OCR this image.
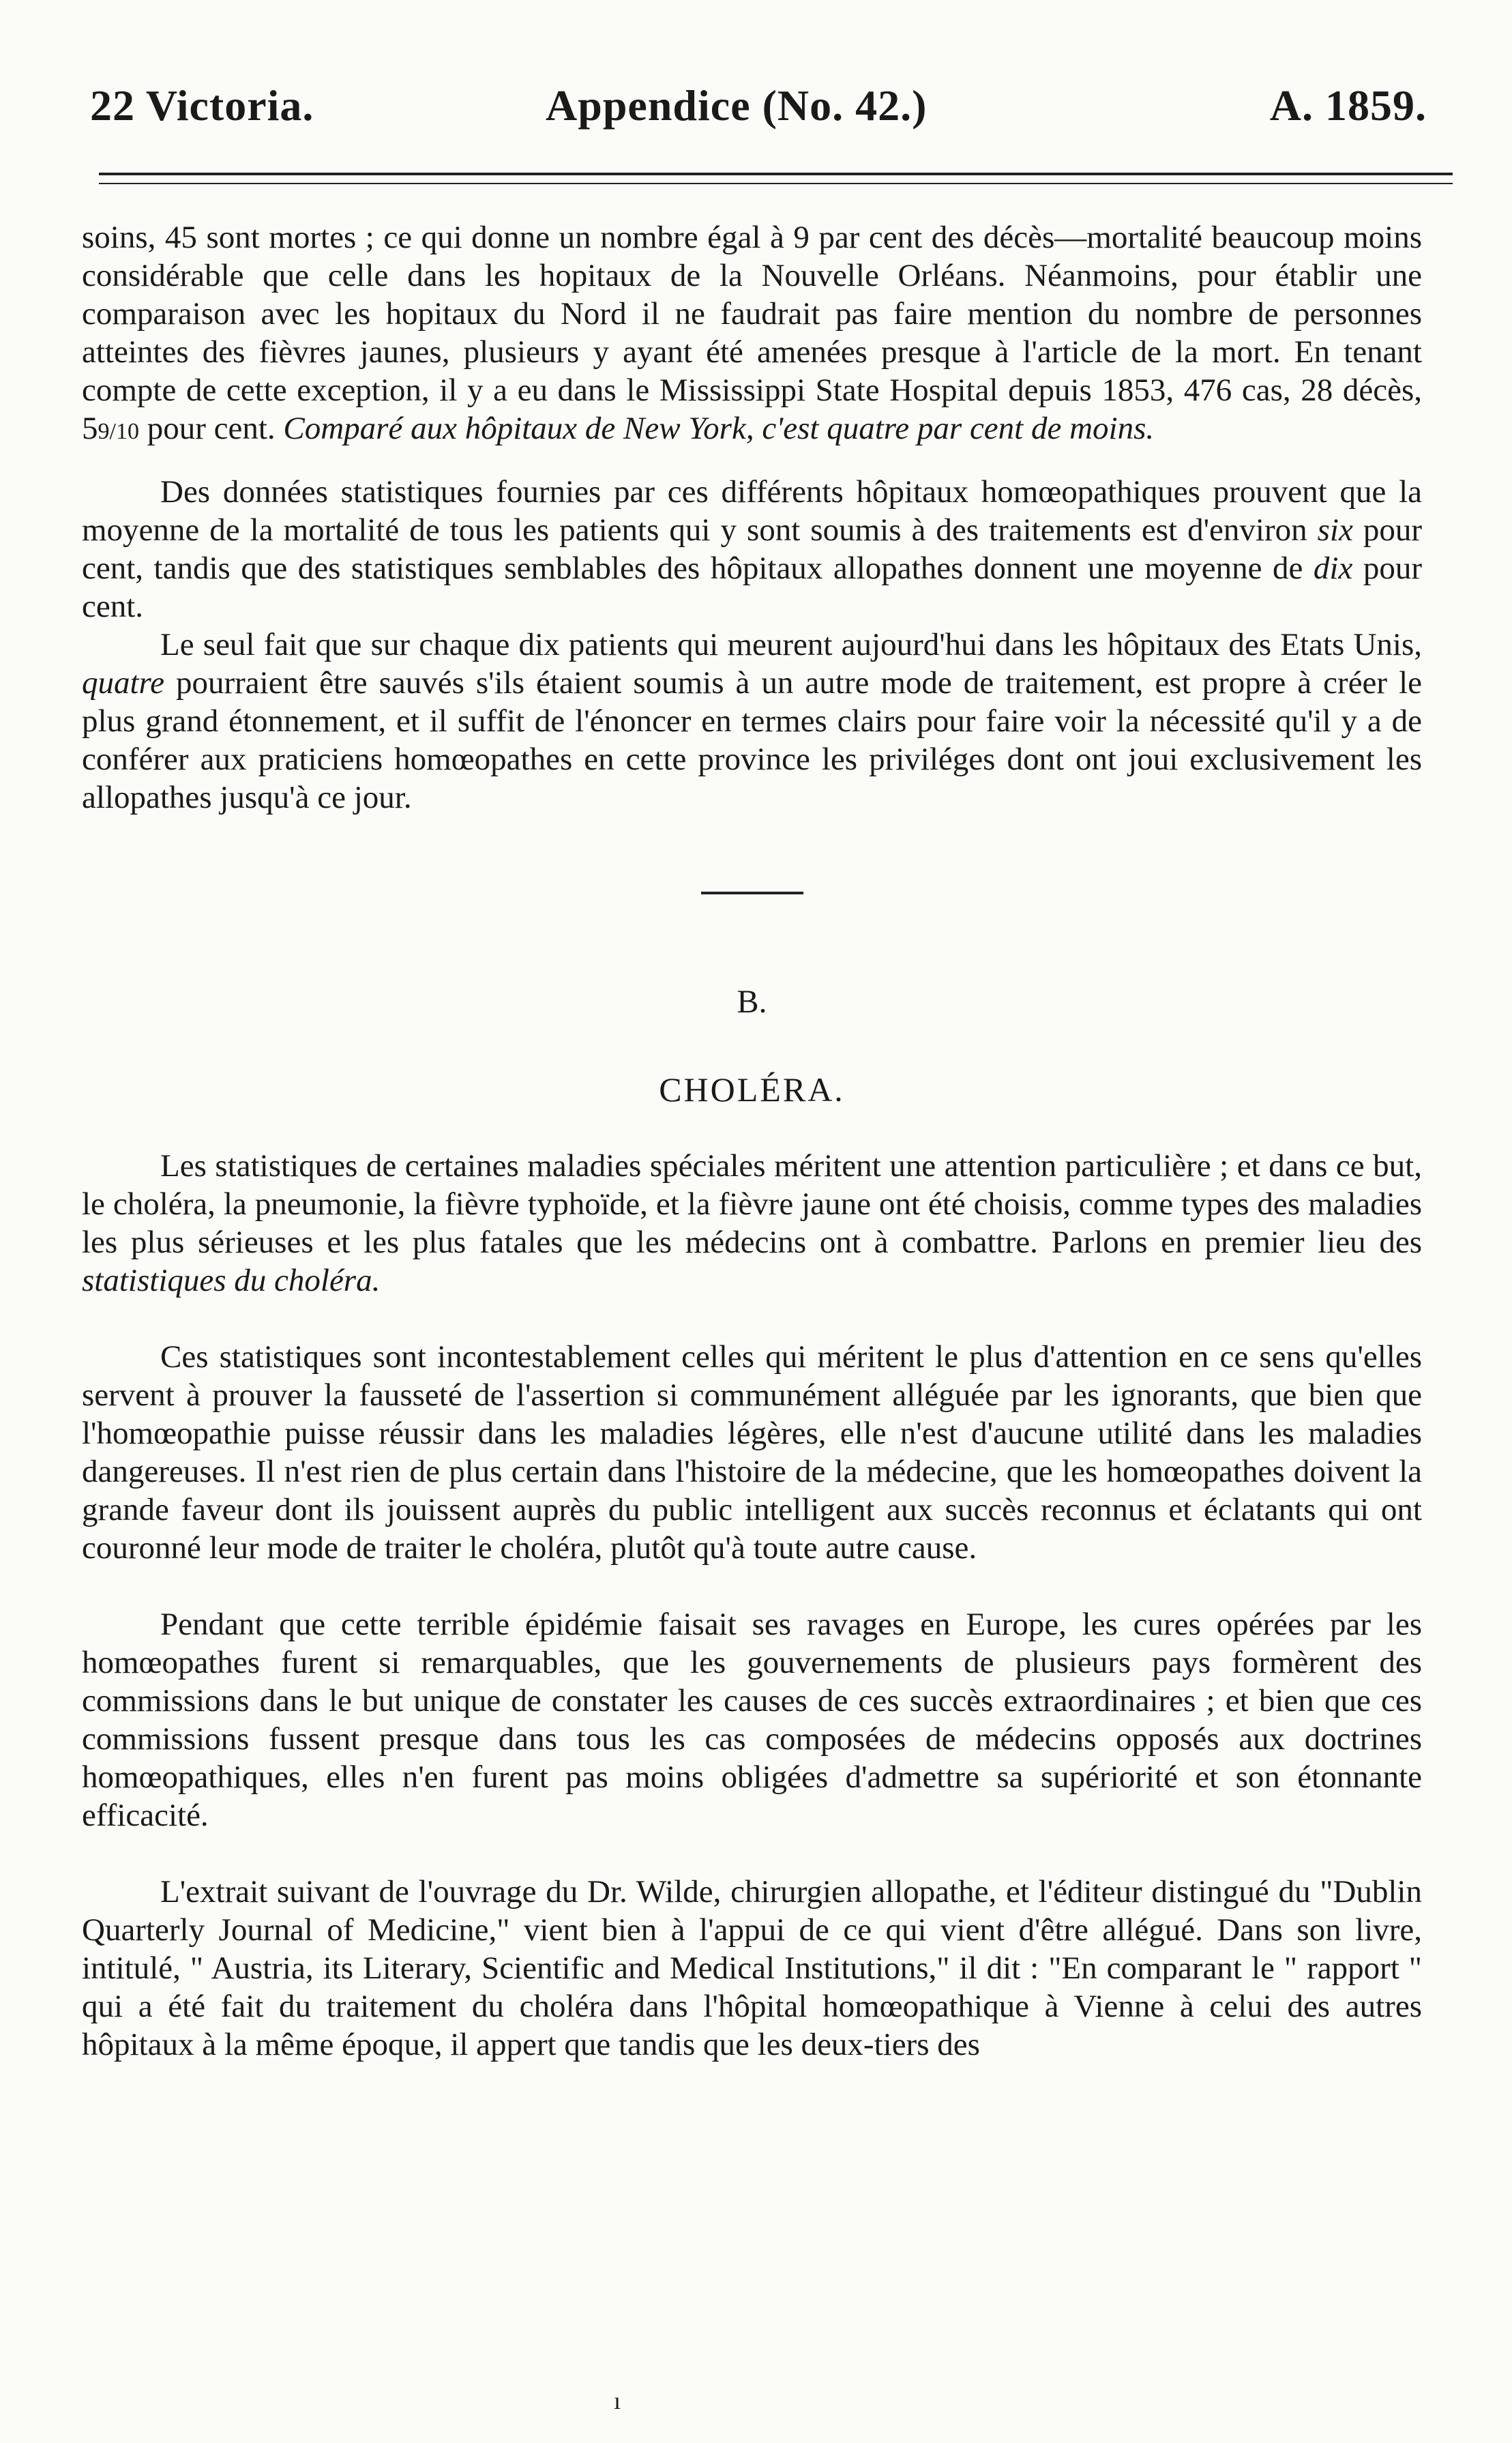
22 Victoria.	Appendice (No. 42.)	A. 1859.

soins, 45 sont mortes ; ce qui donne un nombre égal à 9 par cent des décès—mortalité beaucoup moins considérable que celle dans les hopitaux de la Nouvelle Orléans. Néanmoins, pour établir une comparaison avec les hopitaux du Nord il ne faudrait pas faire mention du nombre de personnes atteintes des fièvres jaunes, plusieurs y ayant été amenées presque à l'article de la mort. En tenant compte de cette exception, il y a eu dans le Mississippi State Hospital depuis 1853, 476 cas, 28 décès, 59/10 pour cent. Comparé aux hôpitaux de New York, c'est quatre par cent de moins.

Des données statistiques fournies par ces différents hôpitaux homœopathiques prouvent que la moyenne de la mortalité de tous les patients qui y sont soumis à des traitements est d'environ six pour cent, tandis que des statistiques semblables des hôpitaux allopathes donnent une moyenne de dix pour cent.

Le seul fait que sur chaque dix patients qui meurent aujourd'hui dans les hôpitaux des Etats Unis, quatre pourraient être sauvés s'ils étaient soumis à un autre mode de traitement, est propre à créer le plus grand étonnement, et il suffit de l'énoncer en termes clairs pour faire voir la nécessité qu'il y a de conférer aux praticiens homœopathes en cette province les priviléges dont ont joui exclusivement les allopathes jusqu'à ce jour.

B.

CHOLÉRA.

Les statistiques de certaines maladies spéciales méritent une attention particulière ; et dans ce but, le choléra, la pneumonie, la fièvre typhoïde, et la fièvre jaune ont été choisis, comme types des maladies les plus sérieuses et les plus fatales que les médecins ont à combattre. Parlons en premier lieu des statistiques du choléra.

Ces statistiques sont incontestablement celles qui méritent le plus d'attention en ce sens qu'elles servent à prouver la fausseté de l'assertion si communément alléguée par les ignorants, que bien que l'homœopathie puisse réussir dans les maladies légères, elle n'est d'aucune utilité dans les maladies dangereuses. Il n'est rien de plus certain dans l'histoire de la médecine, que les homœopathes doivent la grande faveur dont ils jouissent auprès du public intelligent aux succès reconnus et éclatants qui ont couronné leur mode de traiter le choléra, plutôt qu'à toute autre cause.

Pendant que cette terrible épidémie faisait ses ravages en Europe, les cures opérées par les homœopathes furent si remarquables, que les gouvernements de plusieurs pays formèrent des commissions dans le but unique de constater les causes de ces succès extraordinaires ; et bien que ces commissions fussent presque dans tous les cas composées de médecins opposés aux doctrines homœopathiques, elles n'en furent pas moins obligées d'admettre sa supériorité et son étonnante efficacité.

L'extrait suivant de l'ouvrage du Dr. Wilde, chirurgien allopathe, et l'éditeur distingué du "Dublin Quarterly Journal of Medicine," vient bien à l'appui de ce qui vient d'être allégué. Dans son livre, intitulé, " Austria, its Literary, Scientific and Medical Institutions," il dit : "En comparant le " rapport " qui a été fait du traitement du choléra dans l'hôpital homœopathique à Vienne à celui des autres hôpitaux à la même époque, il appert que tandis que les deux-tiers des

ı
